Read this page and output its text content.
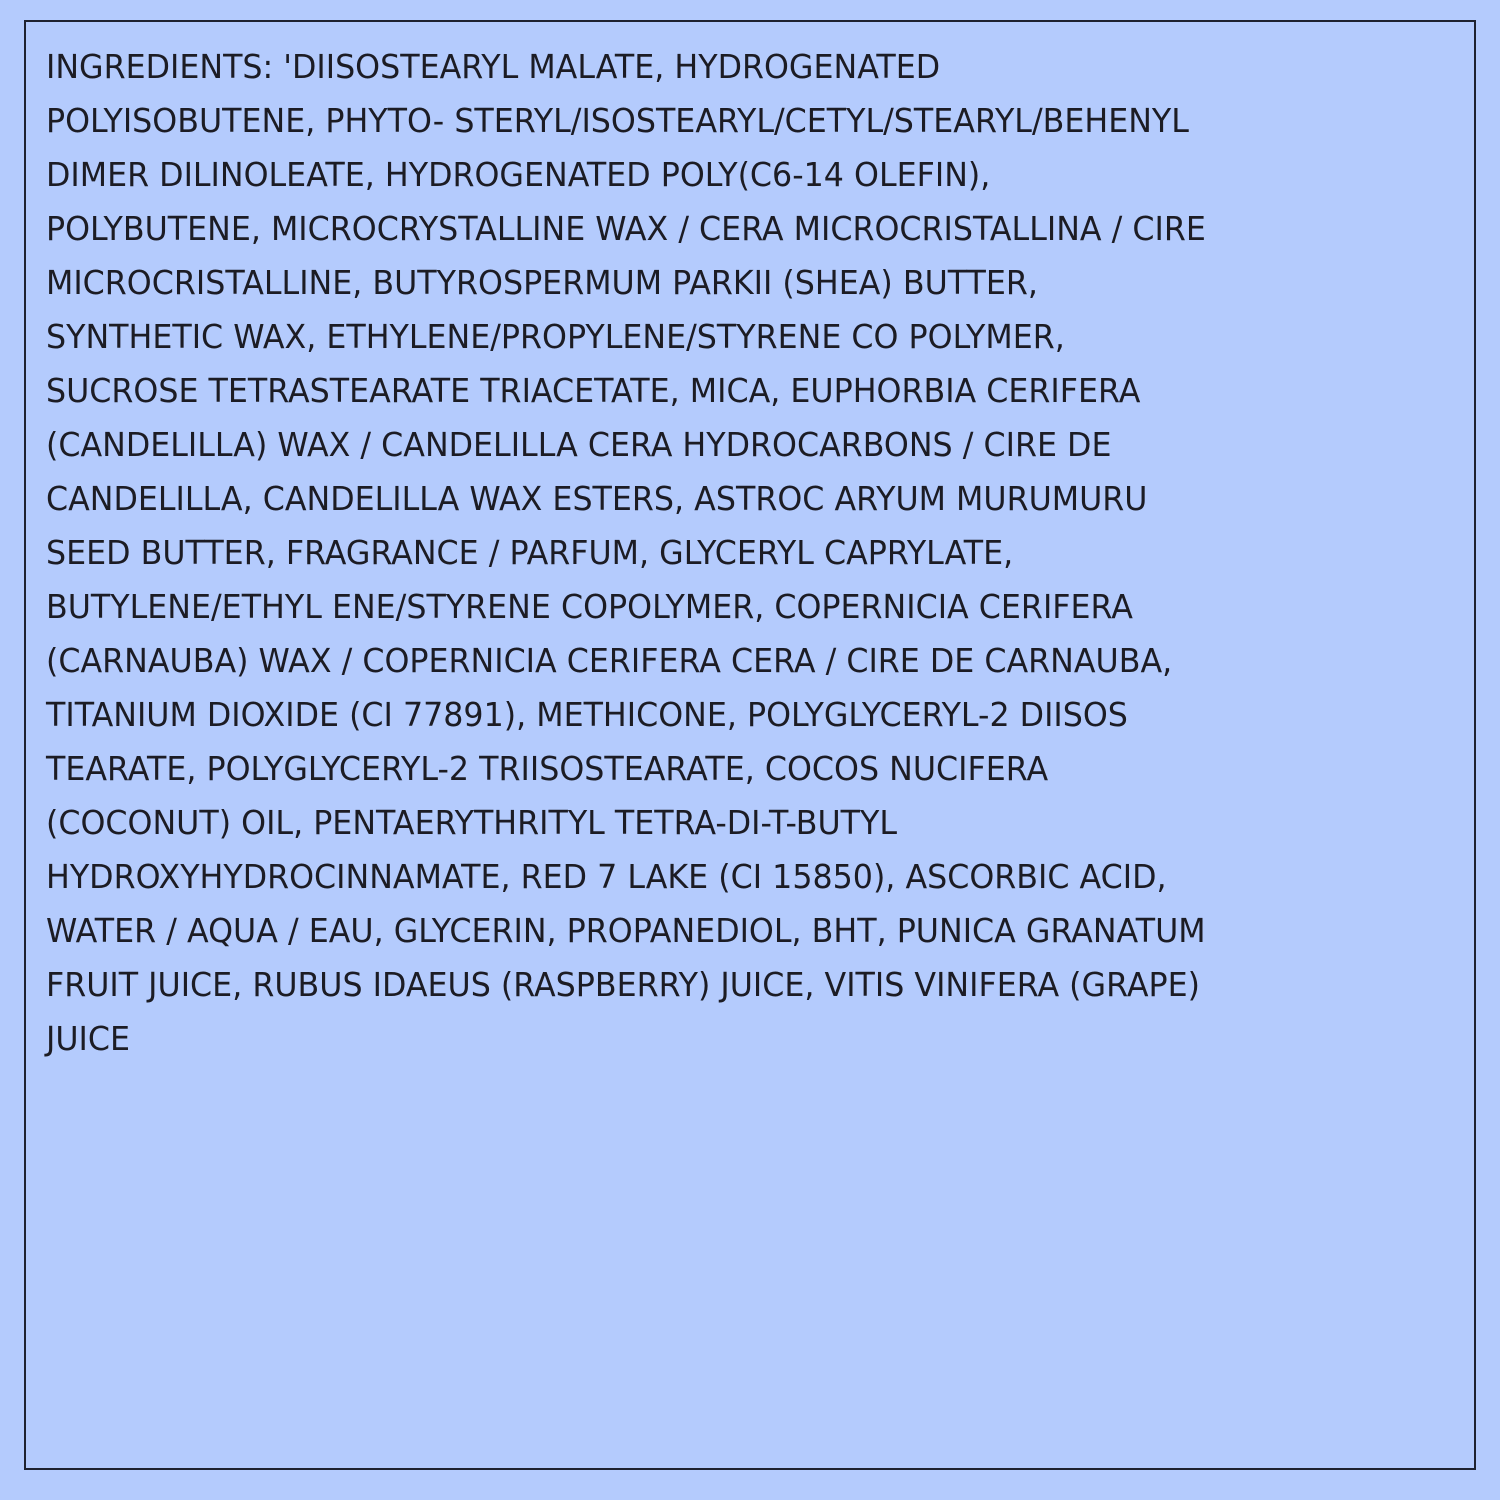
INGREDIENTS: 'DIISOSTEARYL MALATE, HYDROGENATED
POLYISOBUTENE, PHYTO- STERYL/ISOSTEARYL/CETYL/STEARYL/BEHENYL
DIMER DILINOLEATE, HYDROGENATED POLY(C6-14 OLEFIN),
POLYBUTENE, MICROCRYSTALLINE WAX / CERA MICROCRISTALLINA / CIRE
MICROCRISTALLINE, BUTYROSPERMUM PARKII (SHEA) BUTTER,
SYNTHETIC WAX, ETHYLENE/PROPYLENE/STYRENE CO POLYMER,
SUCROSE TETRASTEARATE TRIACETATE, MICA, EUPHORBIA CERIFERA
(CANDELILLA) WAX / CANDELILLA CERA HYDROCARBONS / CIRE DE
CANDELILLA, CANDELILLA WAX ESTERS, ASTROC ARYUM MURUMURU
SEED BUTTER, FRAGRANCE / PARFUM, GLYCERYL CAPRYLATE,
BUTYLENE/ETHYL ENE/STYRENE COPOLYMER, COPERNICIA CERIFERA
(CARNAUBA) WAX / COPERNICIA CERIFERA CERA / CIRE DE CARNAUBA,
TITANIUM DIOXIDE (CI 77891), METHICONE, POLYGLYCERYL-2 DIISOS
TEARATE, POLYGLYCERYL-2 TRIISOSTEARATE, COCOS NUCIFERA
(COCONUT) OIL, PENTAERYTHRITYL TETRA-DI-T-BUTYL
HYDROXYHYDROCINNAMATE, RED 7 LAKE (CI 15850), ASCORBIC ACID,
WATER / AQUA / EAU, GLYCERIN, PROPANEDIOL, BHT, PUNICA GRANATUM
FRUIT JUICE, RUBUS IDAEUS (RASPBERRY) JUICE, VITIS VINIFERA (GRAPE)
JUICE
